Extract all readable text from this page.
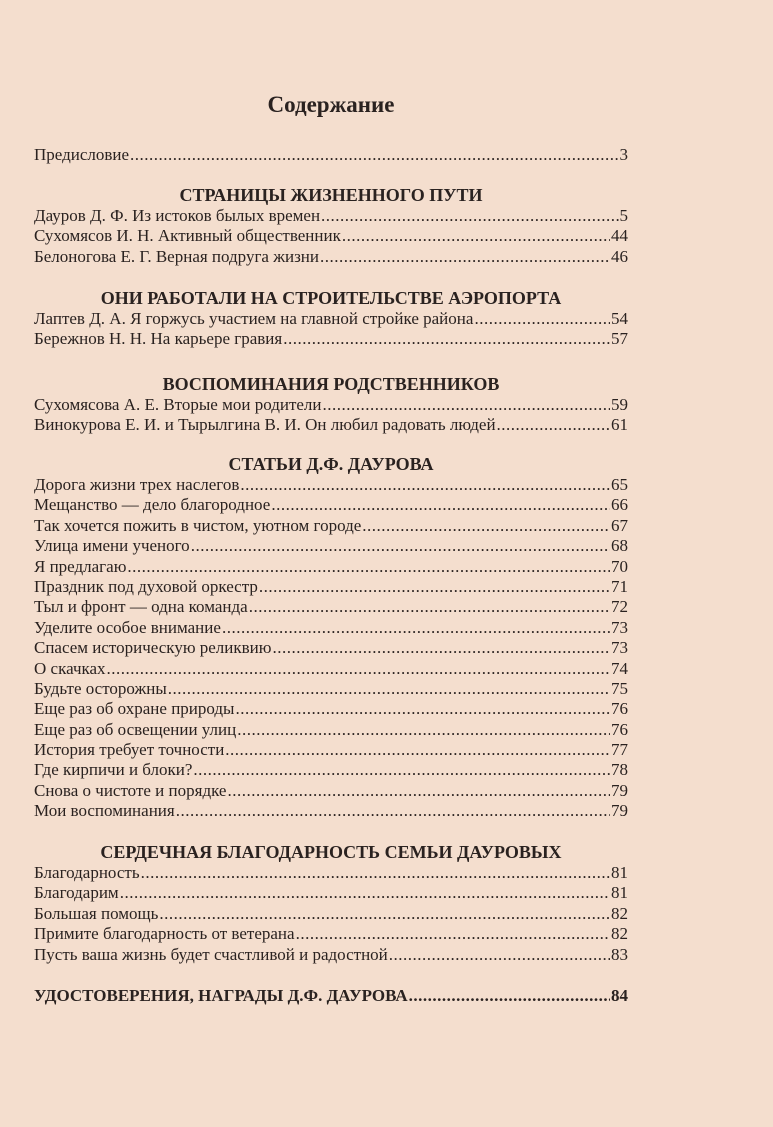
Содержание
Предисловие .....	3
СТРАНИЦЫ ЖИЗНЕННОГО ПУТИ
Дауров Д. Ф. Из истоков былых времен .....	5
Сухомясов И. Н. Активный общественник .....	44
Белоногова Е. Г. Верная подруга жизни .....	46
ОНИ РАБОТАЛИ НА СТРОИТЕЛЬСТВЕ АЭРОПОРТА
Лаптев Д. А. Я горжусь участием на главной стройке района .....	54
Бережнов Н. Н. На карьере гравия .....	57
ВОСПОМИНАНИЯ РОДСТВЕННИКОВ
Сухомясова А. Е. Вторые мои родители .....	59
Винокурова Е. И. и Тырылгина В. И. Он любил радовать людей .....	61
СТАТЬИ Д.Ф. ДАУРОВА
Дорога жизни трех наслегов .....	65
Мещанство — дело благородное .....	66
Так хочется пожить в чистом, уютном городе .....	67
Улица имени ученого .....	68
Я предлагаю .....	70
Праздник под духовой оркестр .....	71
Тыл и фронт — одна команда .....	72
Уделите особое внимание .....	73
Спасем историческую реликвию .....	73
О скачках .....	74
Будьте осторожны .....	75
Еще раз об охране природы .....	76
Еще раз об освещении улиц .....	76
История требует точности .....	77
Где кирпичи и блоки? .....	78
Снова о чистоте и порядке .....	79
Мои воспоминания .....	79
СЕРДЕЧНАЯ БЛАГОДАРНОСТЬ СЕМЬИ ДАУРОВЫХ
Благодарность .....	81
Благодарим .....	81
Большая помощь .....	82
Примите благодарность от ветерана .....	82
Пусть ваша жизнь будет счастливой и радостной .....	83
УДОСТОВЕРЕНИЯ, НАГРАДЫ Д.Ф. ДАУРОВА .....	84
